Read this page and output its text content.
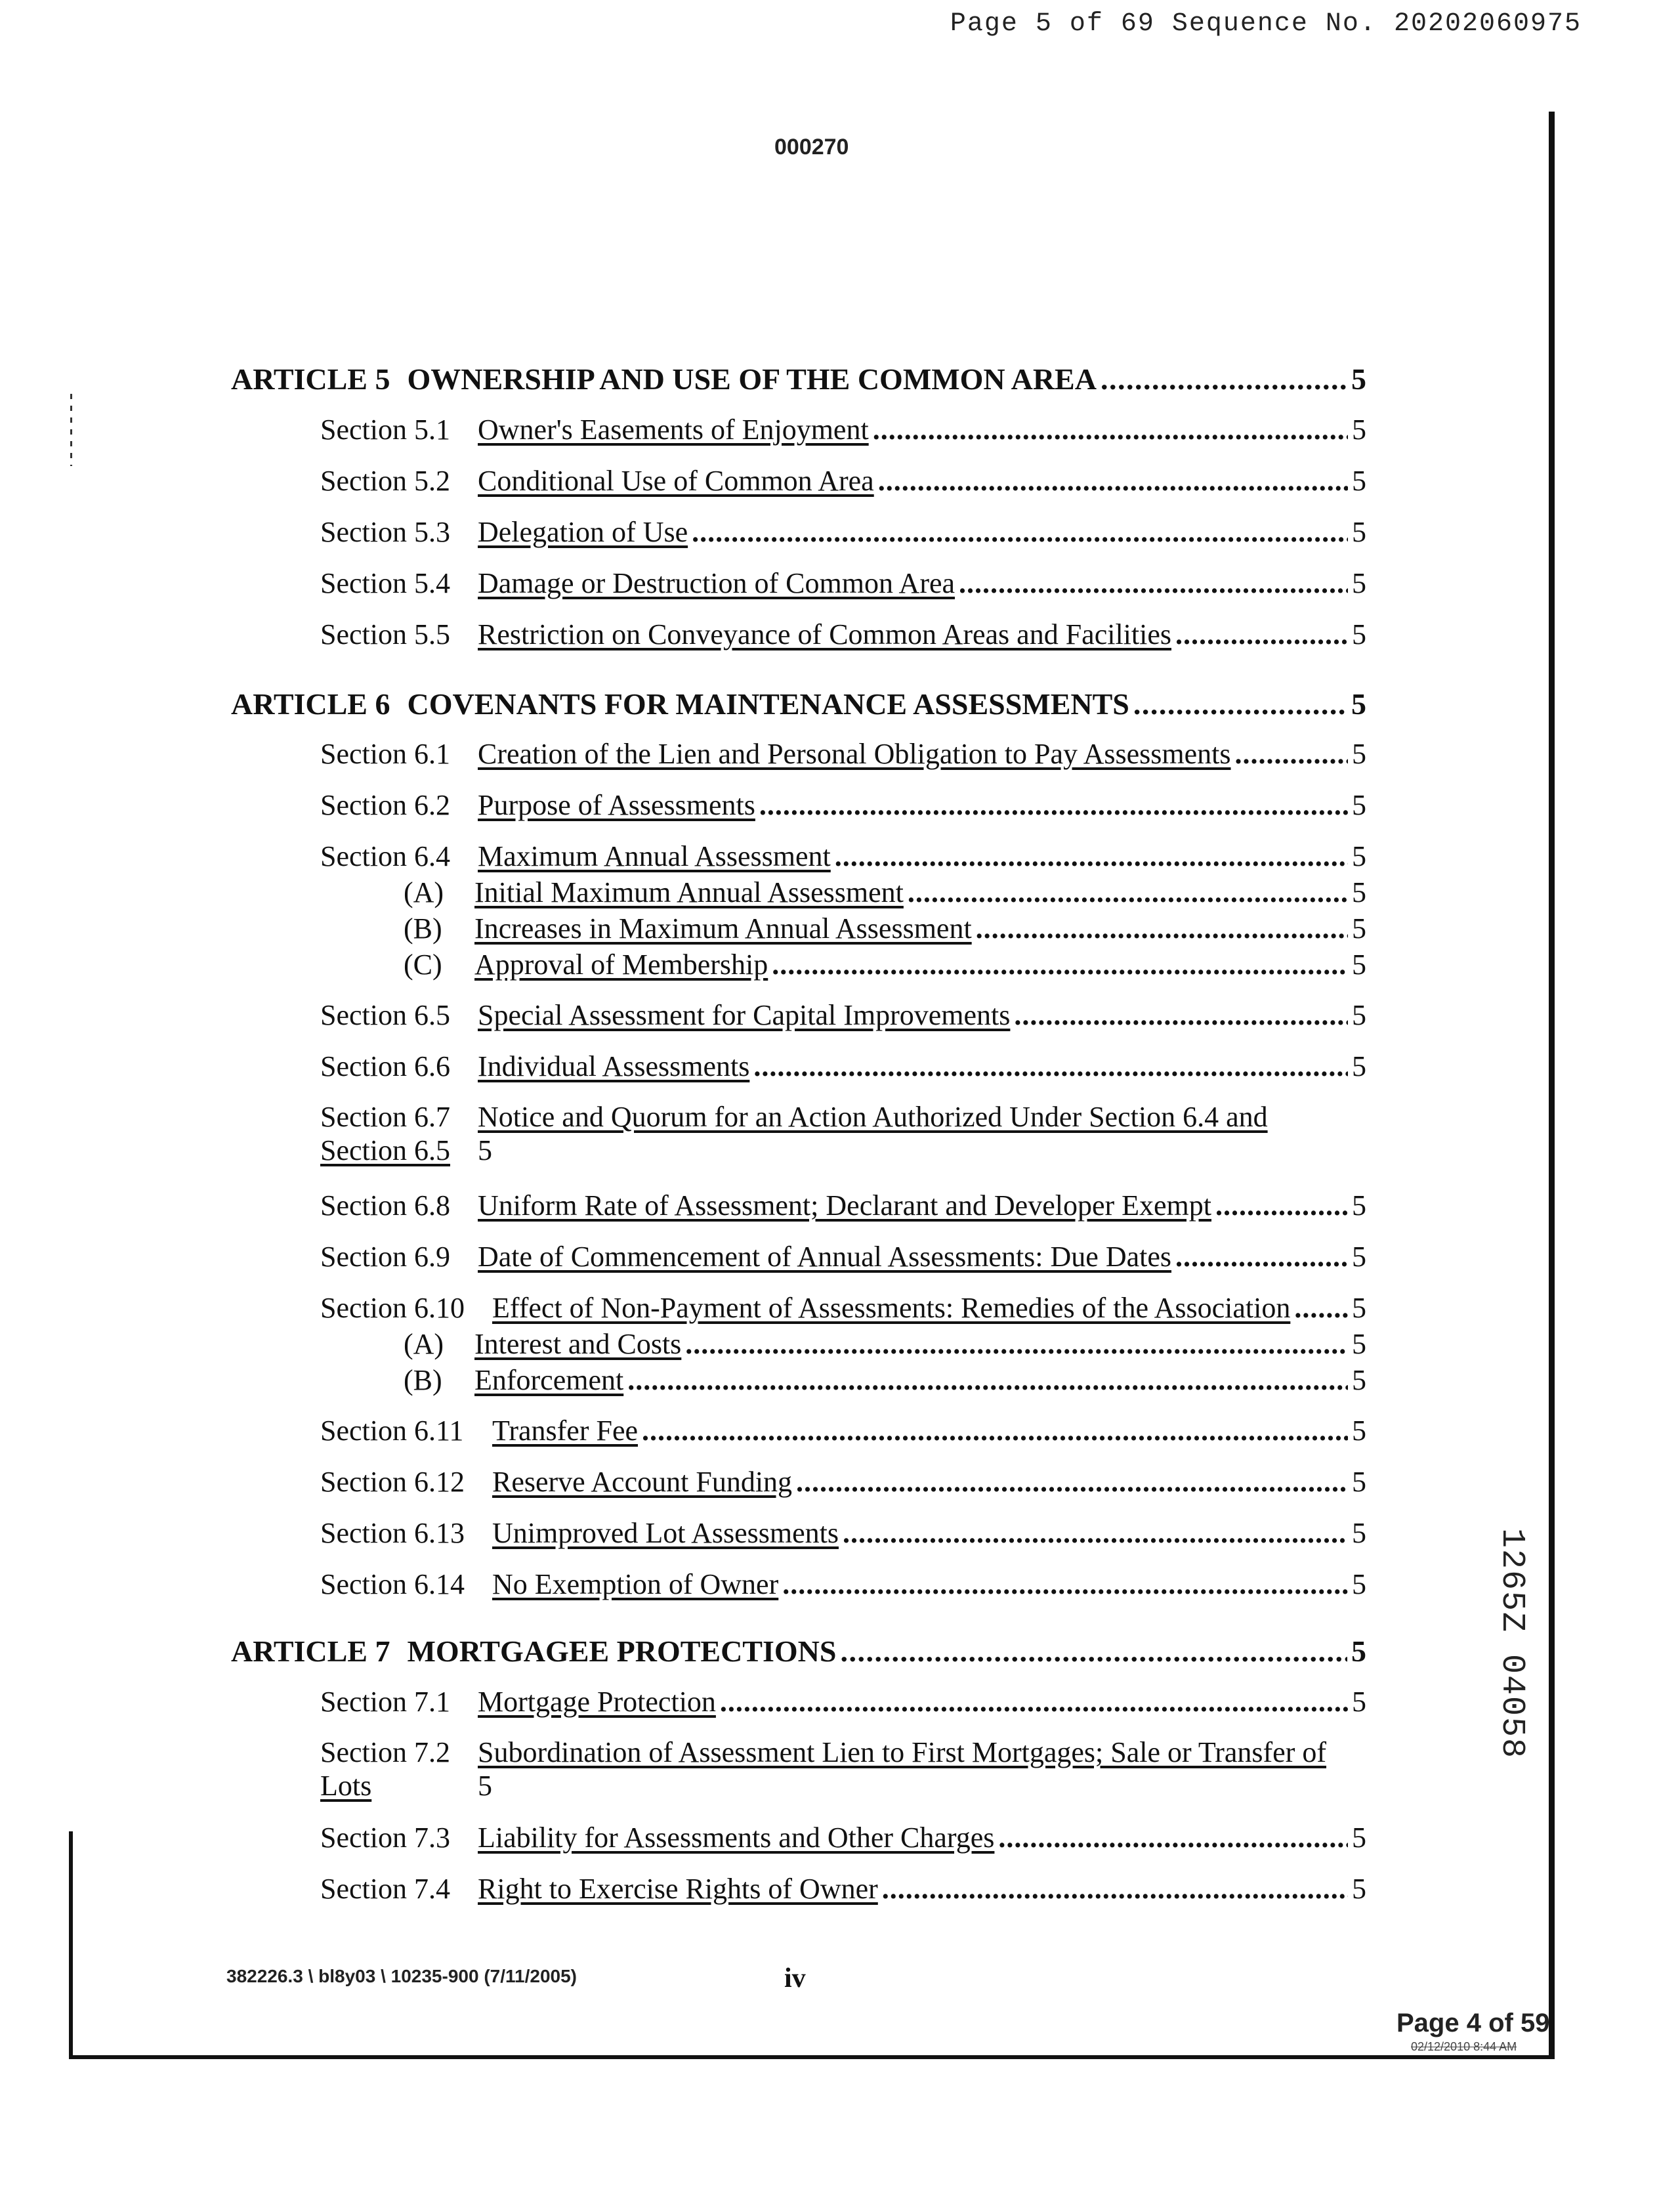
Page 5 of 69 Sequence No. 20202060975
000270
ARTICLE 5 OWNERSHIP AND USE OF THE COMMON AREA . . .	5
Section 5.1 Owner's Easements of Enjoyment . . .	5
Section 5.2 Conditional Use of Common Area . . .	5
Section 5.3 Delegation of Use . . .	5
Section 5.4 Damage or Destruction of Common Area . . .	5
Section 5.5 Restriction on Conveyance of Common Areas and Facilities . . .	5
ARTICLE 6 COVENANTS FOR MAINTENANCE ASSESSMENTS . . .	5
Section 6.1 Creation of the Lien and Personal Obligation to Pay Assessments . . .	5
Section 6.2 Purpose of Assessments . . .	5
Section 6.4 Maximum Annual Assessment . . .	5
(A)	Initial Maximum Annual Assessment . . .	5
(B)	Increases in Maximum Annual Assessment . . .	5
(C)	Approval of Membership . . .	5
Section 6.5 Special Assessment for Capital Improvements . . .	5
Section 6.6 Individual Assessments . . .	5
Section 6.7 Notice and Quorum for an Action Authorized Under Section 6.4 and
Section 6.5 5
Section 6.8 Uniform Rate of Assessment; Declarant and Developer Exempt . . .	5
Section 6.9 Date of Commencement of Annual Assessments: Due Dates . . .	5
Section 6.10 Effect of Non-Payment of Assessments: Remedies of the Association . . . 5
(A)	Interest and Costs . . .	5
(B)	Enforcement . . .	5
Section 6.11 Transfer Fee . . .	5
Section 6.12 Reserve Account Funding . . .	5
Section 6.13 Unimproved Lot Assessments . . .	5
Section 6.14 No Exemption of Owner . . .	5
ARTICLE 7 MORTGAGEE PROTECTIONS . . .	5
Section 7.1 Mortgage Protection . . .	5
Section 7.2 Subordination of Assessment Lien to First Mortgages; Sale or Transfer of
Lots	5
Section 7.3 Liability for Assessments and Other Charges . . .	5
Section 7.4 Right to Exercise Rights of Owner . . .	5
1265Z 04058
382226.3 \ bl8y03 \ 10235-900 (7/11/2005)	iv
Page 4 of 59
02/12/2010 8:44 AM
